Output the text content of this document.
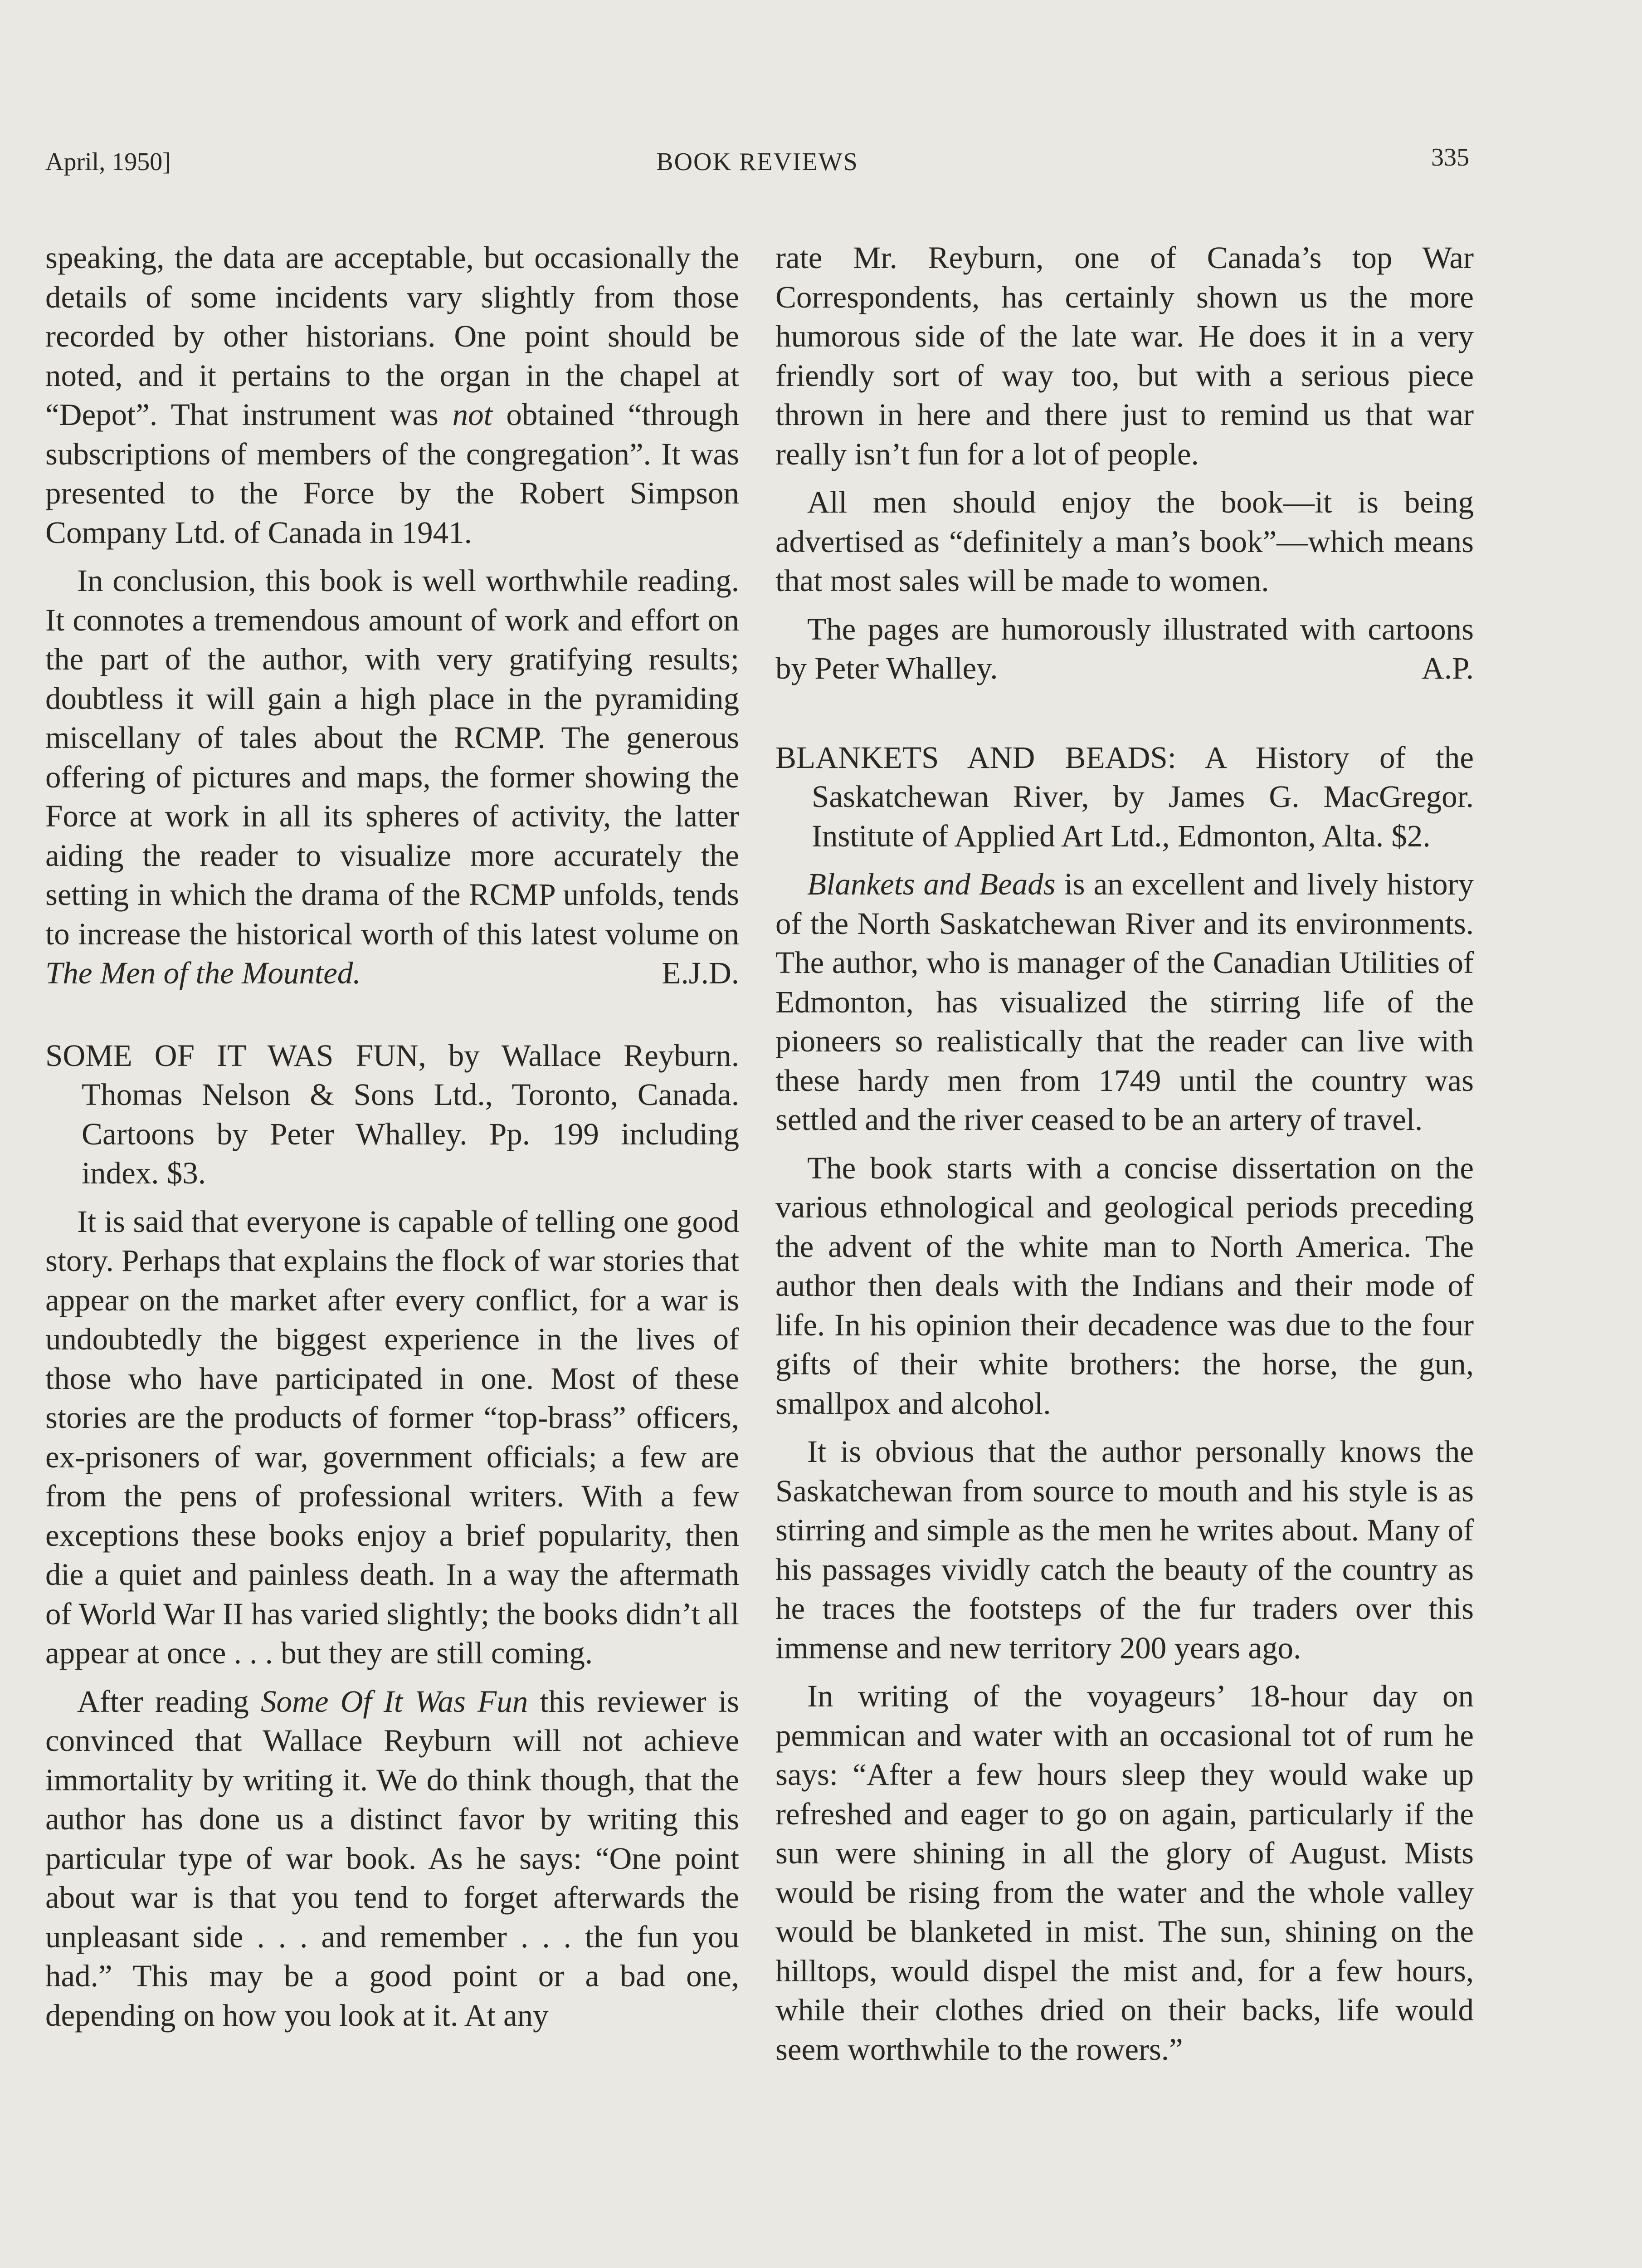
April, 1950]	BOOK REVIEWS	335

speaking, the data are acceptable, but occasionally the details of some incidents vary slightly from those recorded by other historians. One point should be noted, and it pertains to the organ in the chapel at “Depot”. That instrument was not obtained “through subscriptions of members of the congregation”. It was presented to the Force by the Robert Simpson Company Ltd. of Canada in 1941.

In conclusion, this book is well worthwhile reading. It connotes a tremendous amount of work and effort on the part of the author, with very gratifying results; doubtless it will gain a high place in the pyramiding miscellany of tales about the RCMP. The generous offering of pictures and maps, the former showing the Force at work in all its spheres of activity, the latter aiding the reader to visualize more accurately the setting in which the drama of the RCMP unfolds, tends to increase the historical worth of this latest volume on The Men of the Mounted.	E.J.D.

SOME OF IT WAS FUN, by Wallace Reyburn. Thomas Nelson & Sons Ltd., Toronto, Canada. Cartoons by Peter Whalley. Pp. 199 including index. $3.

It is said that everyone is capable of telling one good story. Perhaps that explains the flock of war stories that appear on the market after every conflict, for a war is undoubtedly the biggest experience in the lives of those who have participated in one. Most of these stories are the products of former “top-brass” officers, ex-prisoners of war, government officials; a few are from the pens of professional writers. With a few exceptions these books enjoy a brief popularity, then die a quiet and painless death. In a way the aftermath of World War II has varied slightly; the books didn’t all appear at once . . . but they are still coming.

After reading Some Of It Was Fun this reviewer is convinced that Wallace Reyburn will not achieve immortality by writing it. We do think though, that the author has done us a distinct favor by writing this particular type of war book. As he says: “One point about war is that you tend to forget afterwards the unpleasant side . . . and remember . . . the fun you had.” This may be a good point or a bad one, depending on how you look at it. At any

rate Mr. Reyburn, one of Canada’s top War Correspondents, has certainly shown us the more humorous side of the late war. He does it in a very friendly sort of way too, but with a serious piece thrown in here and there just to remind us that war really isn’t fun for a lot of people.

All men should enjoy the book—it is being advertised as “definitely a man’s book”—which means that most sales will be made to women.

The pages are humorously illustrated with cartoons by Peter Whalley.	A.P.

BLANKETS AND BEADS: A History of the Saskatchewan River, by James G. MacGregor. Institute of Applied Art Ltd., Edmonton, Alta. $2.

Blankets and Beads is an excellent and lively history of the North Saskatchewan River and its environments. The author, who is manager of the Canadian Utilities of Edmonton, has visualized the stirring life of the pioneers so realistically that the reader can live with these hardy men from 1749 until the country was settled and the river ceased to be an artery of travel.

The book starts with a concise dissertation on the various ethnological and geological periods preceding the advent of the white man to North America. The author then deals with the Indians and their mode of life. In his opinion their decadence was due to the four gifts of their white brothers: the horse, the gun, smallpox and alcohol.

It is obvious that the author personally knows the Saskatchewan from source to mouth and his style is as stirring and simple as the men he writes about. Many of his passages vividly catch the beauty of the country as he traces the footsteps of the fur traders over this immense and new territory 200 years ago.

In writing of the voyageurs’ 18-hour day on pemmican and water with an occasional tot of rum he says: “After a few hours sleep they would wake up refreshed and eager to go on again, particularly if the sun were shining in all the glory of August. Mists would be rising from the water and the whole valley would be blanketed in mist. The sun, shining on the hilltops, would dispel the mist and, for a few hours, while their clothes dried on their backs, life would seem worthwhile to the rowers.”
